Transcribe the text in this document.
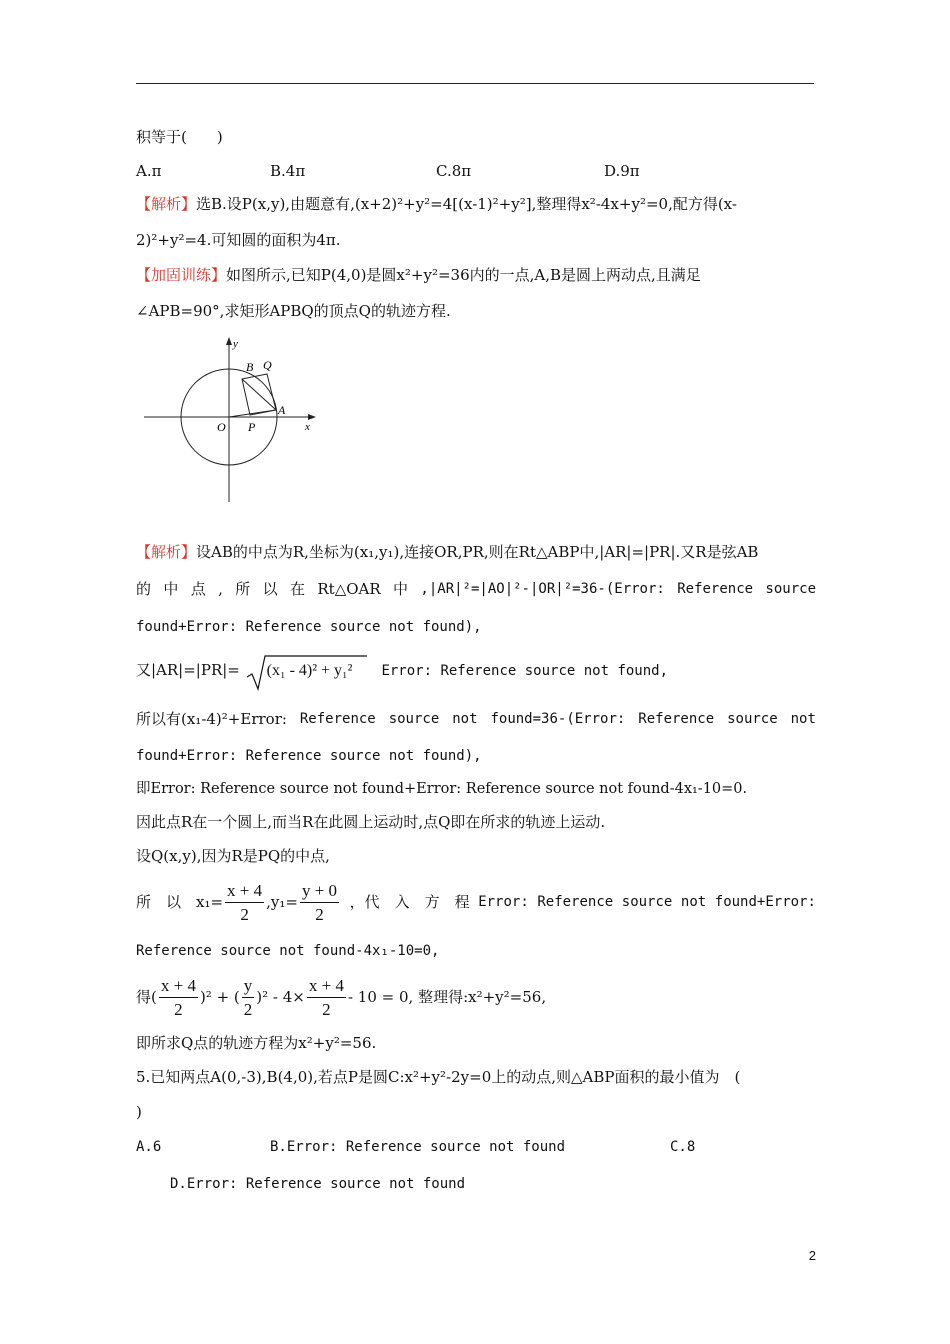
积等于(　　)
A.π	B.4π	C.8π	D.9π
【解析】选B.设P(x,y),由题意有,(x+2)²+y²=4[(x-1)²+y²],整理得x²-4x+y²=0,配方得(x-
2)²+y²=4.可知圆的面积为4π.
【加固训练】如图所示,已知P(4,0)是圆x²+y²=36内的一点,A,B是圆上两动点,且满足
∠APB=90°,求矩形APBQ的顶点Q的轨迹方程.
y
x
O P
A
B Q
【解析】设AB的中点为R,坐标为(x₁,y₁),连接OR,PR,则在Rt△ABP中,|AR|=|PR|.又R是弦AB
的 中 点 , 所 以 在 Rt△OAR 中 ,|AR|²=|AO|²-|OR|²=36-(Error: Reference source
found+Error: Reference source not found),
又|AR|=|PR|= (x₁ - 4)² + y₁² Error: Reference source not found,
所以有(x₁-4)²+Error: Reference source not found=36-(Error: Reference source not
found+Error: Reference source not found),
即Error: Reference source not found+Error: Reference source not found-4x₁-10=0.
因此点R在一个圆上,而当R在此圆上运动时,点Q即在所求的轨迹上运动.
设Q(x,y),因为R是PQ的中点,
所　以　$x_1= \frac{x + 4}{2} ,y_1= \frac{y + 0}{2}$ ，代　入　方　程 Error: Reference source not found+Error:
Reference source not found-4x₁-10=0,
得( $\frac{x + 4}{2} )^2$ + ( $\frac{y}{2} )^2 - 4\times \frac{x + 4}{2} - 10 = 0$, 整理得:x²+y²=56,
即所求Q点的轨迹方程为x²+y²=56.
5.已知两点A(0,-3),B(4,0),若点P是圆C:x²+y²-2y=0上的动点,则△ABP面积的最小值为　(
)
A.6	B.Error: Reference source not found	C.8
D.Error: Reference source not found
2
